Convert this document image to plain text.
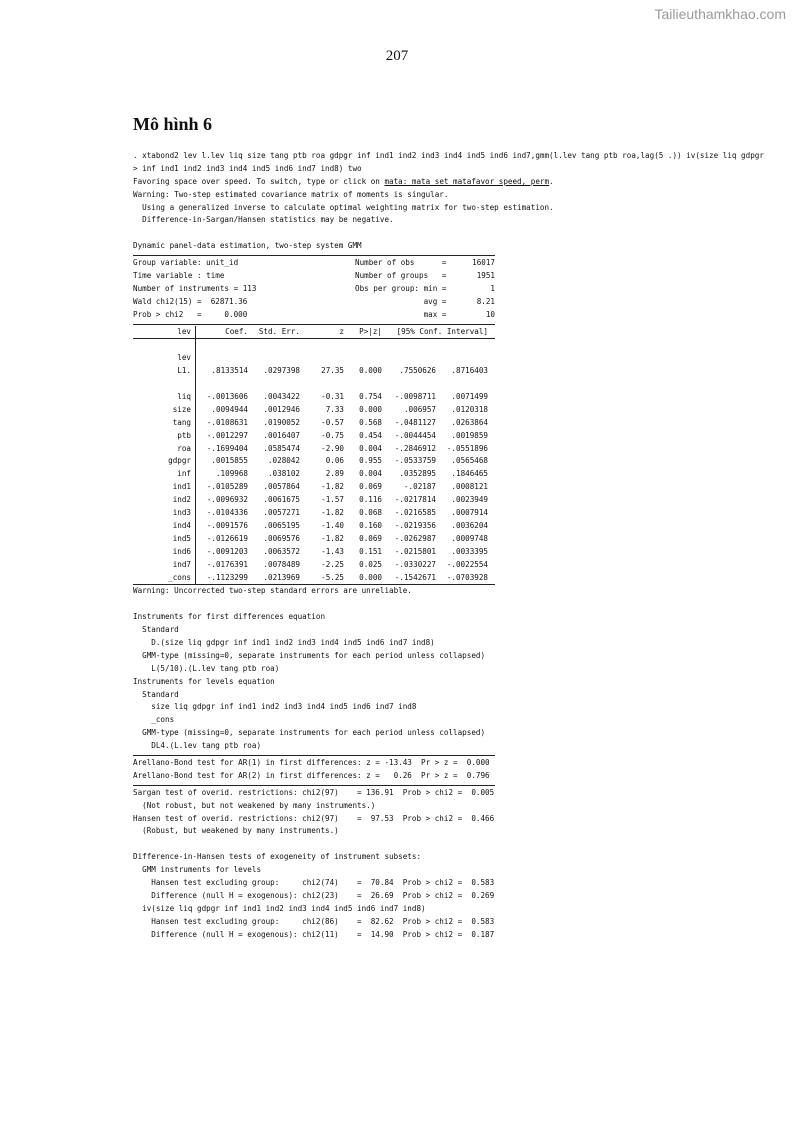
Tailieuthamkhao.com
207
Mô hình 6
. xtabond2 lev l.lev liq size tang ptb roa gdpgr inf ind1 ind2 ind3 ind4 ind5 ind6 ind7,gmm(l.lev tang ptb roa,lag(5 .)) iv(size liq gdpgr
> inf ind1 ind2 ind3 ind4 ind5 ind6 ind7 ind8) two
Favoring space over speed. To switch, type or click on mata: mata set matafavor speed, perm.
Warning: Two-step estimated covariance matrix of moments is singular.
Using a generalized inverse to calculate optimal weighting matrix for two-step estimation.
Difference-in-Sargan/Hansen statistics may be negative.
Dynamic panel-data estimation, two-step system GMM
Group variable: unit_id	Number of obs      =	16017
Time variable : time	Number of groups   =	1951
Number of instruments = 113	Obs per group: min =	1
Wald chi2(15) =  62871.36	avg =	8.21
Prob > chi2   =     0.000	max =	10
lev	Coef.	Std. Err.	z	P>|z|	[95% Conf. Interval]
lev
L1.	.8133514	.0297398	27.35	0.000	.7550626	.8716403
liq	-.0013606	.0043422	-0.31	0.754	-.0098711	.0071499
size	.0094944	.0012946	7.33	0.000	.006957	.0120318
tang	-.0108631	.0190052	-0.57	0.568	-.0481127	.0263864
ptb	-.0012297	.0016407	-0.75	0.454	-.0044454	.0019859
roa	-.1699404	.0585474	-2.90	0.004	-.2846912	-.0551896
gdpgr	.0015855	.028042	0.06	0.955	-.0533759	.0565468
inf	.109968	.038102	2.89	0.004	.0352895	.1846465
ind1	-.0105289	.0057864	-1.82	0.069	-.02187	.0008121
ind2	-.0096932	.0061675	-1.57	0.116	-.0217814	.0023949
ind3	-.0104336	.0057271	-1.82	0.068	-.0216585	.0007914
ind4	-.0091576	.0065195	-1.40	0.160	-.0219356	.0036204
ind5	-.0126619	.0069576	-1.82	0.069	-.0262987	.0009748
ind6	-.0091203	.0063572	-1.43	0.151	-.0215801	.0033395
ind7	-.0176391	.0078489	-2.25	0.025	-.0330227	-.0022554
_cons	-.1123299	.0213969	-5.25	0.000	-.1542671	-.0703928
Warning: Uncorrected two-step standard errors are unreliable.
Instruments for first differences equation
Standard
D.(size liq gdpgr inf ind1 ind2 ind3 ind4 ind5 ind6 ind7 ind8)
GMM-type (missing=0, separate instruments for each period unless collapsed)
L(5/10).(L.lev tang ptb roa)
Instruments for levels equation
Standard
size liq gdpgr inf ind1 ind2 ind3 ind4 ind5 ind6 ind7 ind8
_cons
GMM-type (missing=0, separate instruments for each period unless collapsed)
DL4.(L.lev tang ptb roa)
Arellano-Bond test for AR(1) in first differences: z = -13.43  Pr > z =  0.000
Arellano-Bond test for AR(2) in first differences: z =   0.26  Pr > z =  0.796
Sargan test of overid. restrictions: chi2(97)    = 136.91  Prob > chi2 =  0.005
(Not robust, but not weakened by many instruments.)
Hansen test of overid. restrictions: chi2(97)    =  97.53  Prob > chi2 =  0.466
(Robust, but weakened by many instruments.)
Difference-in-Hansen tests of exogeneity of instrument subsets:
GMM instruments for levels
Hansen test excluding group:     chi2(74)    =  70.84  Prob > chi2 =  0.583
Difference (null H = exogenous): chi2(23)    =  26.69  Prob > chi2 =  0.269
iv(size liq gdpgr inf ind1 ind2 ind3 ind4 ind5 ind6 ind7 ind8)
Hansen test excluding group:     chi2(86)    =  82.62  Prob > chi2 =  0.583
Difference (null H = exogenous): chi2(11)    =  14.90  Prob > chi2 =  0.187
